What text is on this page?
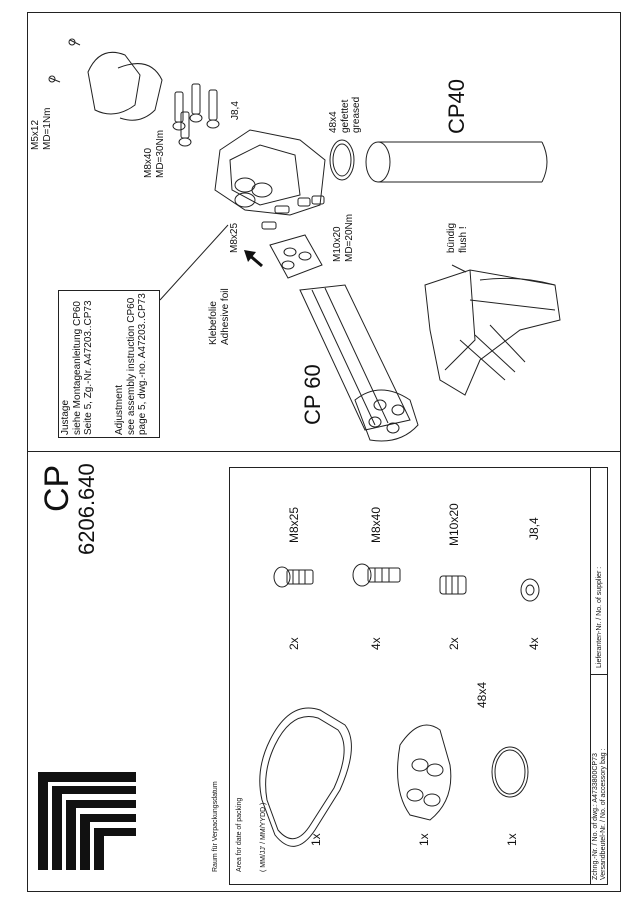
CP
6206.640

Raum für Verpackungsdatum

Area for date of packing

( MM/JJ' / MM/YYDD )	Zchng.-Nr. / No. of dwg.: A4733800CP73 Versandbeutel-Nr. / No. of accessory bag :
Lieferanten-Nr. / No. of supplier :
M8x25	M8x40	M10x20	J8,4
2x	4x	2x	4x
1x	1x	1x
48x4
CP40
CP 60
M5x12
MD=1Nm
M8x40
MD=30Nm
J8,4
48x4
gefettet
greased
M8x25	M10x20
MD=20Nm	bündig
flush !
Klebefolie
Adhesive foil
Justage
siehe Montageanleitung CP60
Seite 5, Zg.-Nr. A47203..CP73
Adjustment
see assembly instruction CP60
page 5, dwg.-no. A47203..CP73
